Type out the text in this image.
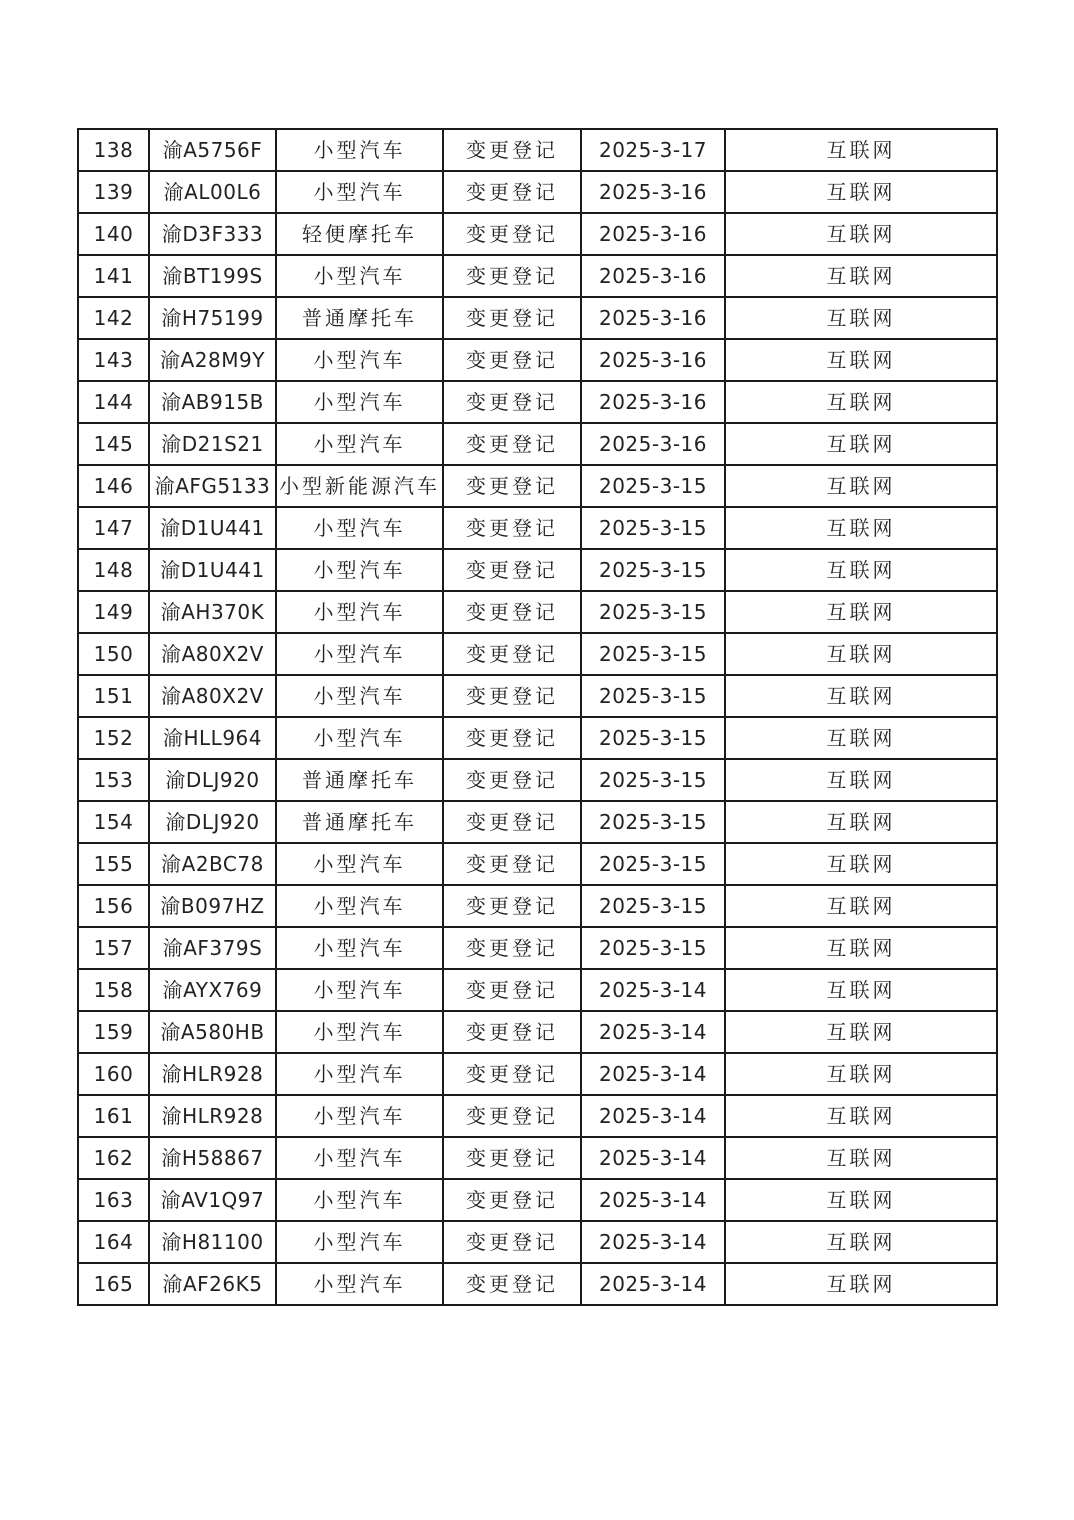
138	渝A5756F	小型汽车	变更登记	2025-3-17	互联网
139	渝AL00L6	小型汽车	变更登记	2025-3-16	互联网
140	渝D3F333	轻便摩托车	变更登记	2025-3-16	互联网
141	渝BT199S	小型汽车	变更登记	2025-3-16	互联网
142	渝H75199	普通摩托车	变更登记	2025-3-16	互联网
143	渝A28M9Y	小型汽车	变更登记	2025-3-16	互联网
144	渝AB915B	小型汽车	变更登记	2025-3-16	互联网
145	渝D21S21	小型汽车	变更登记	2025-3-16	互联网
146	渝AFG5133	小型新能源汽车	变更登记	2025-3-15	互联网
147	渝D1U441	小型汽车	变更登记	2025-3-15	互联网
148	渝D1U441	小型汽车	变更登记	2025-3-15	互联网
149	渝AH370K	小型汽车	变更登记	2025-3-15	互联网
150	渝A80X2V	小型汽车	变更登记	2025-3-15	互联网
151	渝A80X2V	小型汽车	变更登记	2025-3-15	互联网
152	渝HLL964	小型汽车	变更登记	2025-3-15	互联网
153	渝DLJ920	普通摩托车	变更登记	2025-3-15	互联网
154	渝DLJ920	普通摩托车	变更登记	2025-3-15	互联网
155	渝A2BC78	小型汽车	变更登记	2025-3-15	互联网
156	渝B097HZ	小型汽车	变更登记	2025-3-15	互联网
157	渝AF379S	小型汽车	变更登记	2025-3-15	互联网
158	渝AYX769	小型汽车	变更登记	2025-3-14	互联网
159	渝A580HB	小型汽车	变更登记	2025-3-14	互联网
160	渝HLR928	小型汽车	变更登记	2025-3-14	互联网
161	渝HLR928	小型汽车	变更登记	2025-3-14	互联网
162	渝H58867	小型汽车	变更登记	2025-3-14	互联网
163	渝AV1Q97	小型汽车	变更登记	2025-3-14	互联网
164	渝H81100	小型汽车	变更登记	2025-3-14	互联网
165	渝AF26K5	小型汽车	变更登记	2025-3-14	互联网
